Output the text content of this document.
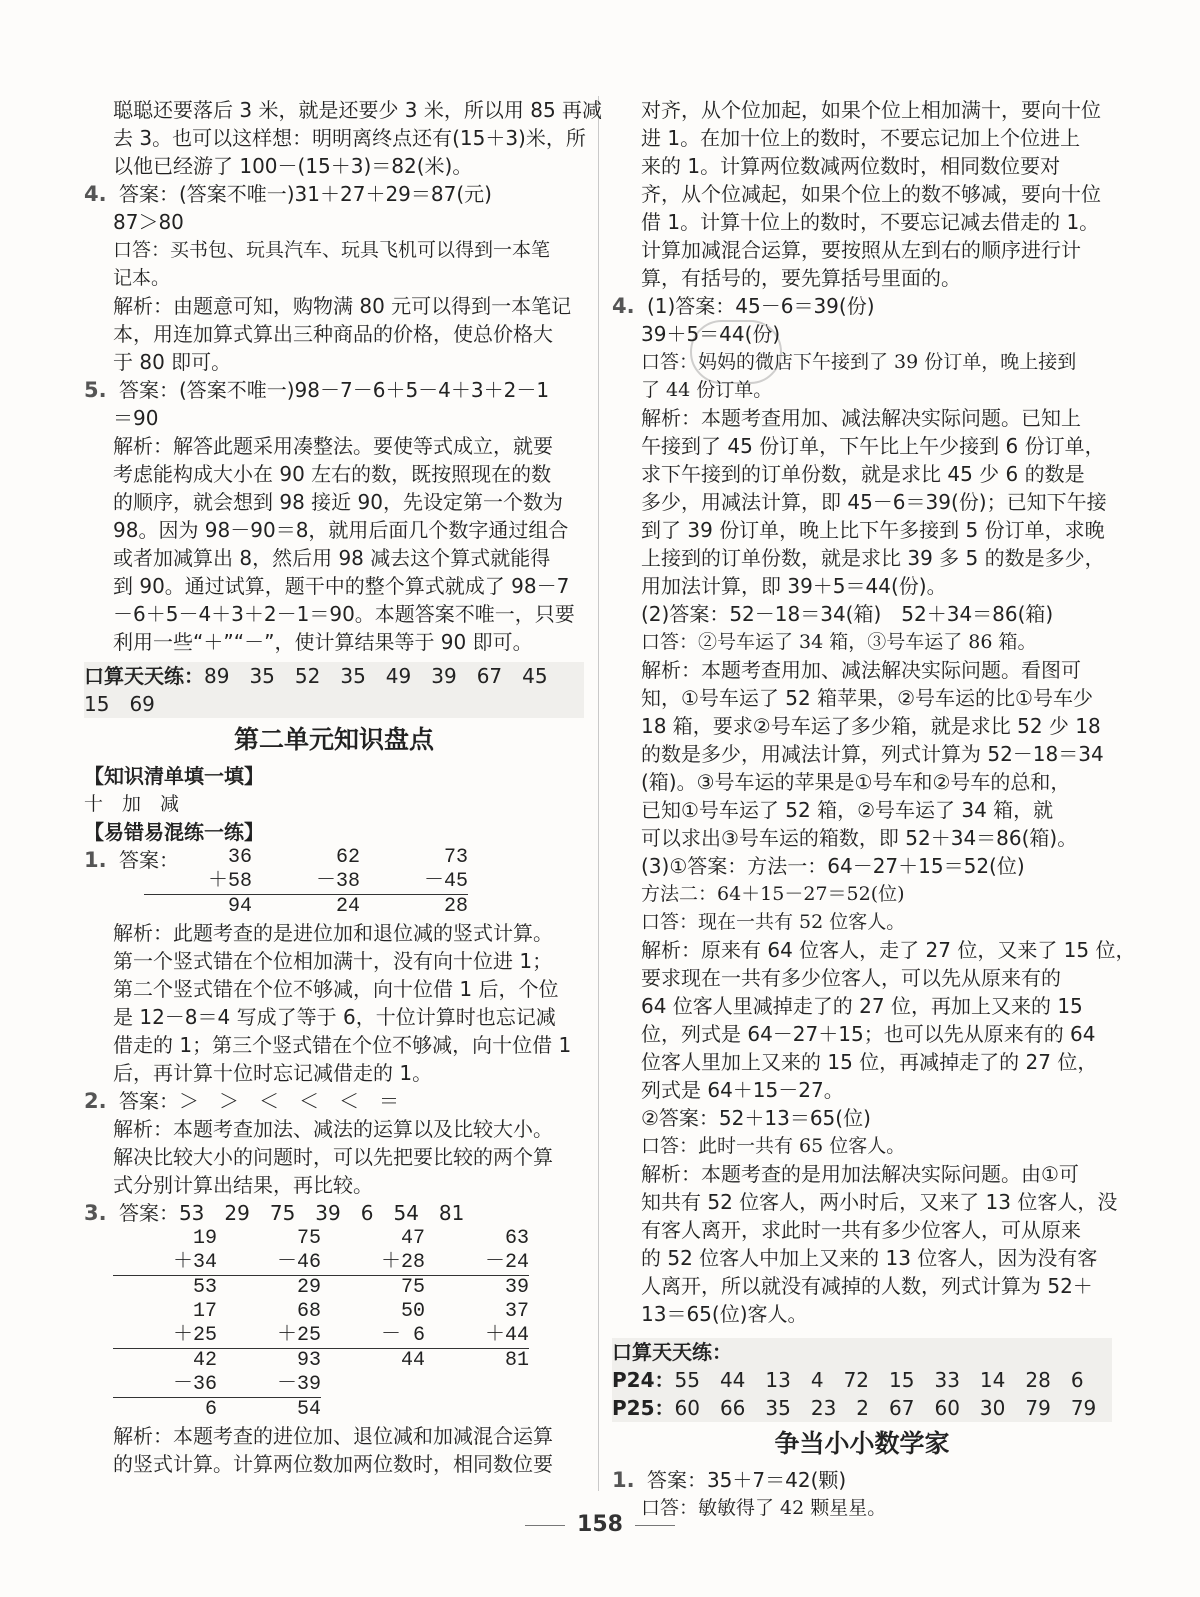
聪聪还要落后 3 米，就是还要少 3 米，所以用 85 再减
去 3。也可以这样想：明明离终点还有(15＋3)米，所
以他已经游了 100－(15＋3)＝82(米)。
4. 答案：(答案不唯一)31＋27＋29＝87(元)
87＞80
口答：买书包、玩具汽车、玩具飞机可以得到一本笔
记本。
解析：由题意可知，购物满 80 元可以得到一本笔记
本，用连加算式算出三种商品的价格，使总价格大
于 80 即可。
5. 答案：(答案不唯一)98－7－6＋5－4＋3＋2－1
＝90
解析：解答此题采用凑整法。要使等式成立，就要
考虑能构成大小在 90 左右的数，既按照现在的数
的顺序，就会想到 98 接近 90，先设定第一个数为
98。因为 98－90＝8，就用后面几个数字通过组合
或者加减算出 8，然后用 98 减去这个算式就能得
到 90。通过试算，题干中的整个算式就成了 98－7
－6＋5－4＋3＋2－1＝90。本题答案不唯一，只要
利用一些“＋”“－”，使计算结果等于 90 即可。
口算天天练：89　35　52　35　49　39　67　45
15　69
第二单元知识盘点
【知识清单填一填】
十　加　减
【易错易混练一练】
1. 答案：	36
＋58
94
62
－38
24
73
－45
28
解析：此题考查的是进位加和退位减的竖式计算。
第一个竖式错在个位相加满十，没有向十位进 1；
第二个竖式错在个位不够减，向十位借 1 后，个位
是 12－8＝4 写成了等于 6，十位计算时也忘记减
借走的 1；第三个竖式错在个位不够减，向十位借 1
后，再计算十位时忘记减借走的 1。
2. 答案：＞　＞　＜　＜　＜　＝
解析：本题考查加法、减法的运算以及比较大小。
解决比较大小的问题时，可以先把要比较的两个算
式分别计算出结果，再比较。
3. 答案：53　29　75　39　6　54　81
19
＋34
53
75
－46
29
47
＋28
75
63
－24
39
17
＋25
42
－36
6
68
＋25
93
－39
54
50
－ 6
44
37
＋44
81
解析：本题考查的进位加、退位减和加减混合运算
的竖式计算。计算两位数加两位数时，相同数位要
对齐，从个位加起，如果个位上相加满十，要向十位
进 1。在加十位上的数时，不要忘记加上个位进上
来的 1。计算两位数减两位数时，相同数位要对
齐，从个位减起，如果个位上的数不够减，要向十位
借 1。计算十位上的数时，不要忘记减去借走的 1。
计算加减混合运算，要按照从左到右的顺序进行计
算，有括号的，要先算括号里面的。
4. (1)答案：45－6＝39(份)
39＋5＝44(份)
口答：妈妈的微店下午接到了 39 份订单，晚上接到
了 44 份订单。
解析：本题考查用加、减法解决实际问题。已知上
午接到了 45 份订单，下午比上午少接到 6 份订单，
求下午接到的订单份数，就是求比 45 少 6 的数是
多少，用减法计算，即 45－6＝39(份)；已知下午接
到了 39 份订单，晚上比下午多接到 5 份订单，求晚
上接到的订单份数，就是求比 39 多 5 的数是多少，
用加法计算，即 39＋5＝44(份)。
(2)答案：52－18＝34(箱)　52＋34＝86(箱)
口答：②号车运了 34 箱，③号车运了 86 箱。
解析：本题考查用加、减法解决实际问题。看图可
知，①号车运了 52 箱苹果，②号车运的比①号车少
18 箱，要求②号车运了多少箱，就是求比 52 少 18
的数是多少，用减法计算，列式计算为 52－18＝34
(箱)。③号车运的苹果是①号车和②号车的总和，
已知①号车运了 52 箱，②号车运了 34 箱，就
可以求出③号车运的箱数，即 52＋34＝86(箱)。
(3)①答案：方法一：64－27＋15＝52(位)
方法二：64＋15－27＝52(位)
口答：现在一共有 52 位客人。
解析：原来有 64 位客人，走了 27 位，又来了 15 位，
要求现在一共有多少位客人，可以先从原来有的
64 位客人里减掉走了的 27 位，再加上又来的 15
位，列式是 64－27＋15；也可以先从原来有的 64
位客人里加上又来的 15 位，再减掉走了的 27 位，
列式是 64＋15－27。
②答案：52＋13＝65(位)
口答：此时一共有 65 位客人。
解析：本题考查的是用加法解决实际问题。由①可
知共有 52 位客人，两小时后，又来了 13 位客人，没
有客人离开，求此时一共有多少位客人，可从原来
的 52 位客人中加上又来的 13 位客人，因为没有客
人离开，所以就没有减掉的人数，列式计算为 52＋
13＝65(位)客人。
口算天天练：
P24：55　44　13　4　72　15　33　14　28　6
P25：60　66　35　23　2　67　60　30　79　79
争当小小数学家
1. 答案：35＋7＝42(颗)
口答：敏敏得了 42 颗星星。
158
